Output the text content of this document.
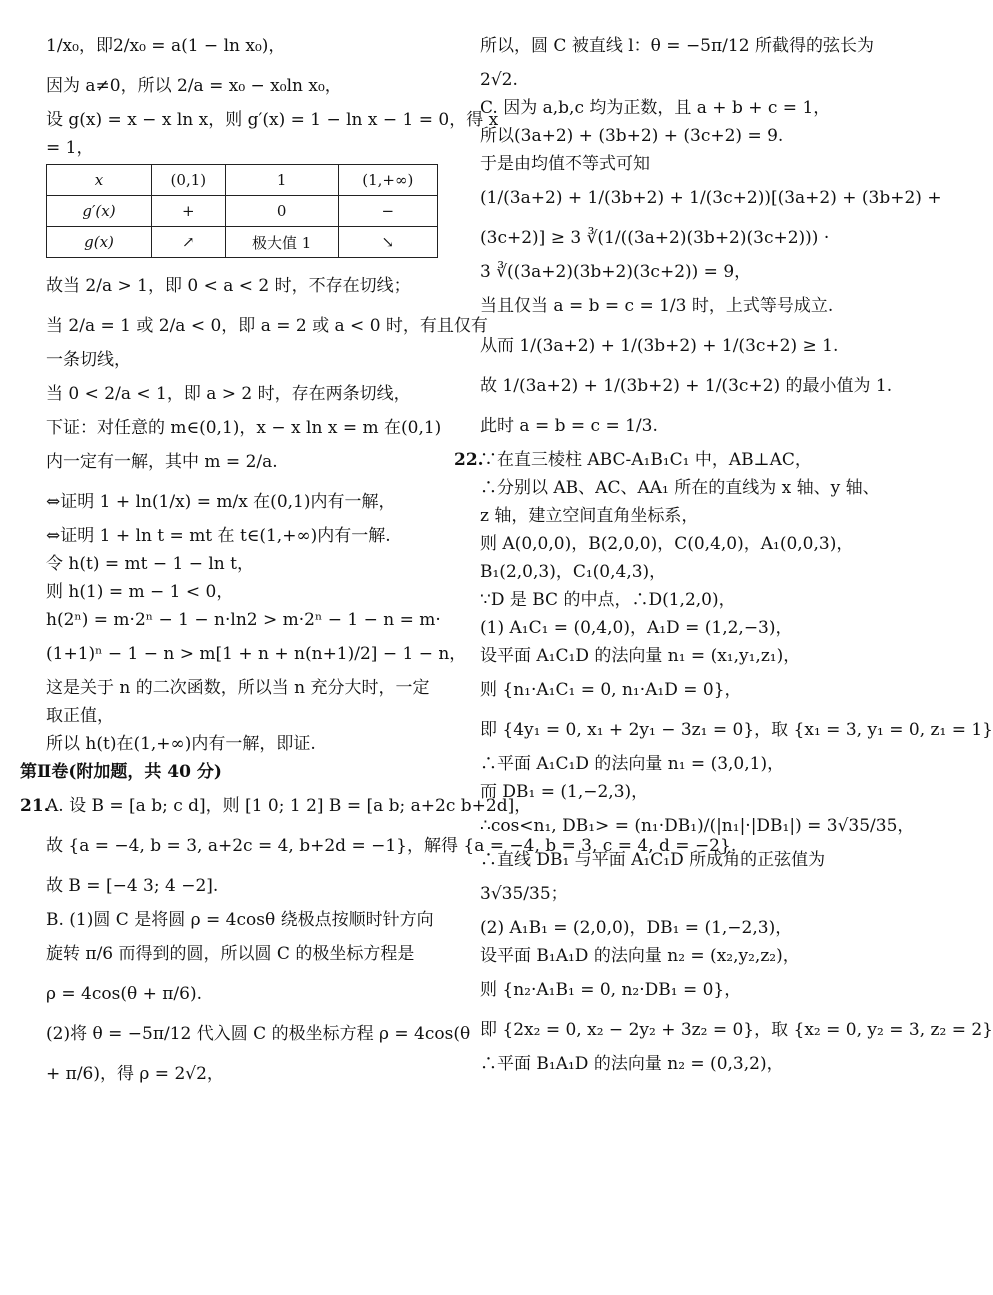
1/x₀，即2/x₀ = a(1 − ln x₀)，
因为 a≠0，所以 2/a = x₀ − x₀ln x₀，
设 g(x) = x − x ln x，则 g′(x) = 1 − ln x − 1 = 0，得 x
= 1，
x	(0,1)	1	(1,+∞)
g′(x)	+	0	−
g(x)	↗	极大值 1	↘
故当 2/a > 1，即 0 < a < 2 时，不存在切线；
当 2/a = 1 或 2/a < 0，即 a = 2 或 a < 0 时，有且仅有
一条切线，
当 0 < 2/a < 1，即 a > 2 时，存在两条切线，
下证：对任意的 m∈(0,1)，x − x ln x = m 在(0,1)
内一定有一解，其中 m = 2/a.
⇔证明 1 + ln(1/x) = m/x 在(0,1)内有一解，
⇔证明 1 + ln t = mt 在 t∈(1,+∞)内有一解.
令 h(t) = mt − 1 − ln t，
则 h(1) = m − 1 < 0，
h(2ⁿ) = m·2ⁿ − 1 − n·ln2 > m·2ⁿ − 1 − n = m·
(1+1)ⁿ − 1 − n > m[1 + n + n(n+1)/2] − 1 − n，
这是关于 n 的二次函数，所以当 n 充分大时，一定
取正值，
所以 h(t)在(1,+∞)内有一解，即证.
第Ⅱ卷(附加题，共 40 分)
21.A. 设 B = [a b; c d]，则 [1 0; 1 2] B = [a b; a+2c b+2d]，
故 {a = −4, b = 3, a+2c = 4, b+2d = −1}，解得 {a = −4, b = 3, c = 4, d = −2}.
故 B = [−4 3; 4 −2].
B. (1)圆 C 是将圆 ρ = 4cosθ 绕极点按顺时针方向
旋转 π/6 而得到的圆，所以圆 C 的极坐标方程是
ρ = 4cos(θ + π/6).
(2)将 θ = −5π/12 代入圆 C 的极坐标方程 ρ = 4cos(θ
+ π/6)，得 ρ = 2√2，
所以，圆 C 被直线 l：θ = −5π/12 所截得的弦长为
2√2.
C. 因为 a,b,c 均为正数，且 a + b + c = 1，
所以(3a+2) + (3b+2) + (3c+2) = 9.
于是由均值不等式可知
(1/(3a+2) + 1/(3b+2) + 1/(3c+2))[(3a+2) + (3b+2) +
(3c+2)] ≥ 3 ∛(1/((3a+2)(3b+2)(3c+2))) ·
3 ∛((3a+2)(3b+2)(3c+2)) = 9，
当且仅当 a = b = c = 1/3 时，上式等号成立.
从而 1/(3a+2) + 1/(3b+2) + 1/(3c+2) ≥ 1.
故 1/(3a+2) + 1/(3b+2) + 1/(3c+2) 的最小值为 1.
此时 a = b = c = 1/3.
22.∵在直三棱柱 ABC-A₁B₁C₁ 中，AB⊥AC，
∴分别以 AB、AC、AA₁ 所在的直线为 x 轴、y 轴、
z 轴，建立空间直角坐标系，
则 A(0,0,0)，B(2,0,0)，C(0,4,0)，A₁(0,0,3)，
B₁(2,0,3)，C₁(0,4,3)，
∵D 是 BC 的中点，∴D(1,2,0)，
(1) A₁C₁ = (0,4,0)，A₁D = (1,2,−3)，
设平面 A₁C₁D 的法向量 n₁ = (x₁,y₁,z₁)，
则 {n₁·A₁C₁ = 0, n₁·A₁D = 0}，
即 {4y₁ = 0, x₁ + 2y₁ − 3z₁ = 0}，取 {x₁ = 3, y₁ = 0, z₁ = 1}
∴平面 A₁C₁D 的法向量 n₁ = (3,0,1)，
而 DB₁ = (1,−2,3)，
∴cos<n₁, DB₁> = (n₁·DB₁)/(|n₁|·|DB₁|) = 3√35/35，
∴直线 DB₁ 与平面 A₁C₁D 所成角的正弦值为
3√35/35；
(2) A₁B₁ = (2,0,0)，DB₁ = (1,−2,3)，
设平面 B₁A₁D 的法向量 n₂ = (x₂,y₂,z₂)，
则 {n₂·A₁B₁ = 0, n₂·DB₁ = 0}，
即 {2x₂ = 0, x₂ − 2y₂ + 3z₂ = 0}，取 {x₂ = 0, y₂ = 3, z₂ = 2}
∴平面 B₁A₁D 的法向量 n₂ = (0,3,2)，
